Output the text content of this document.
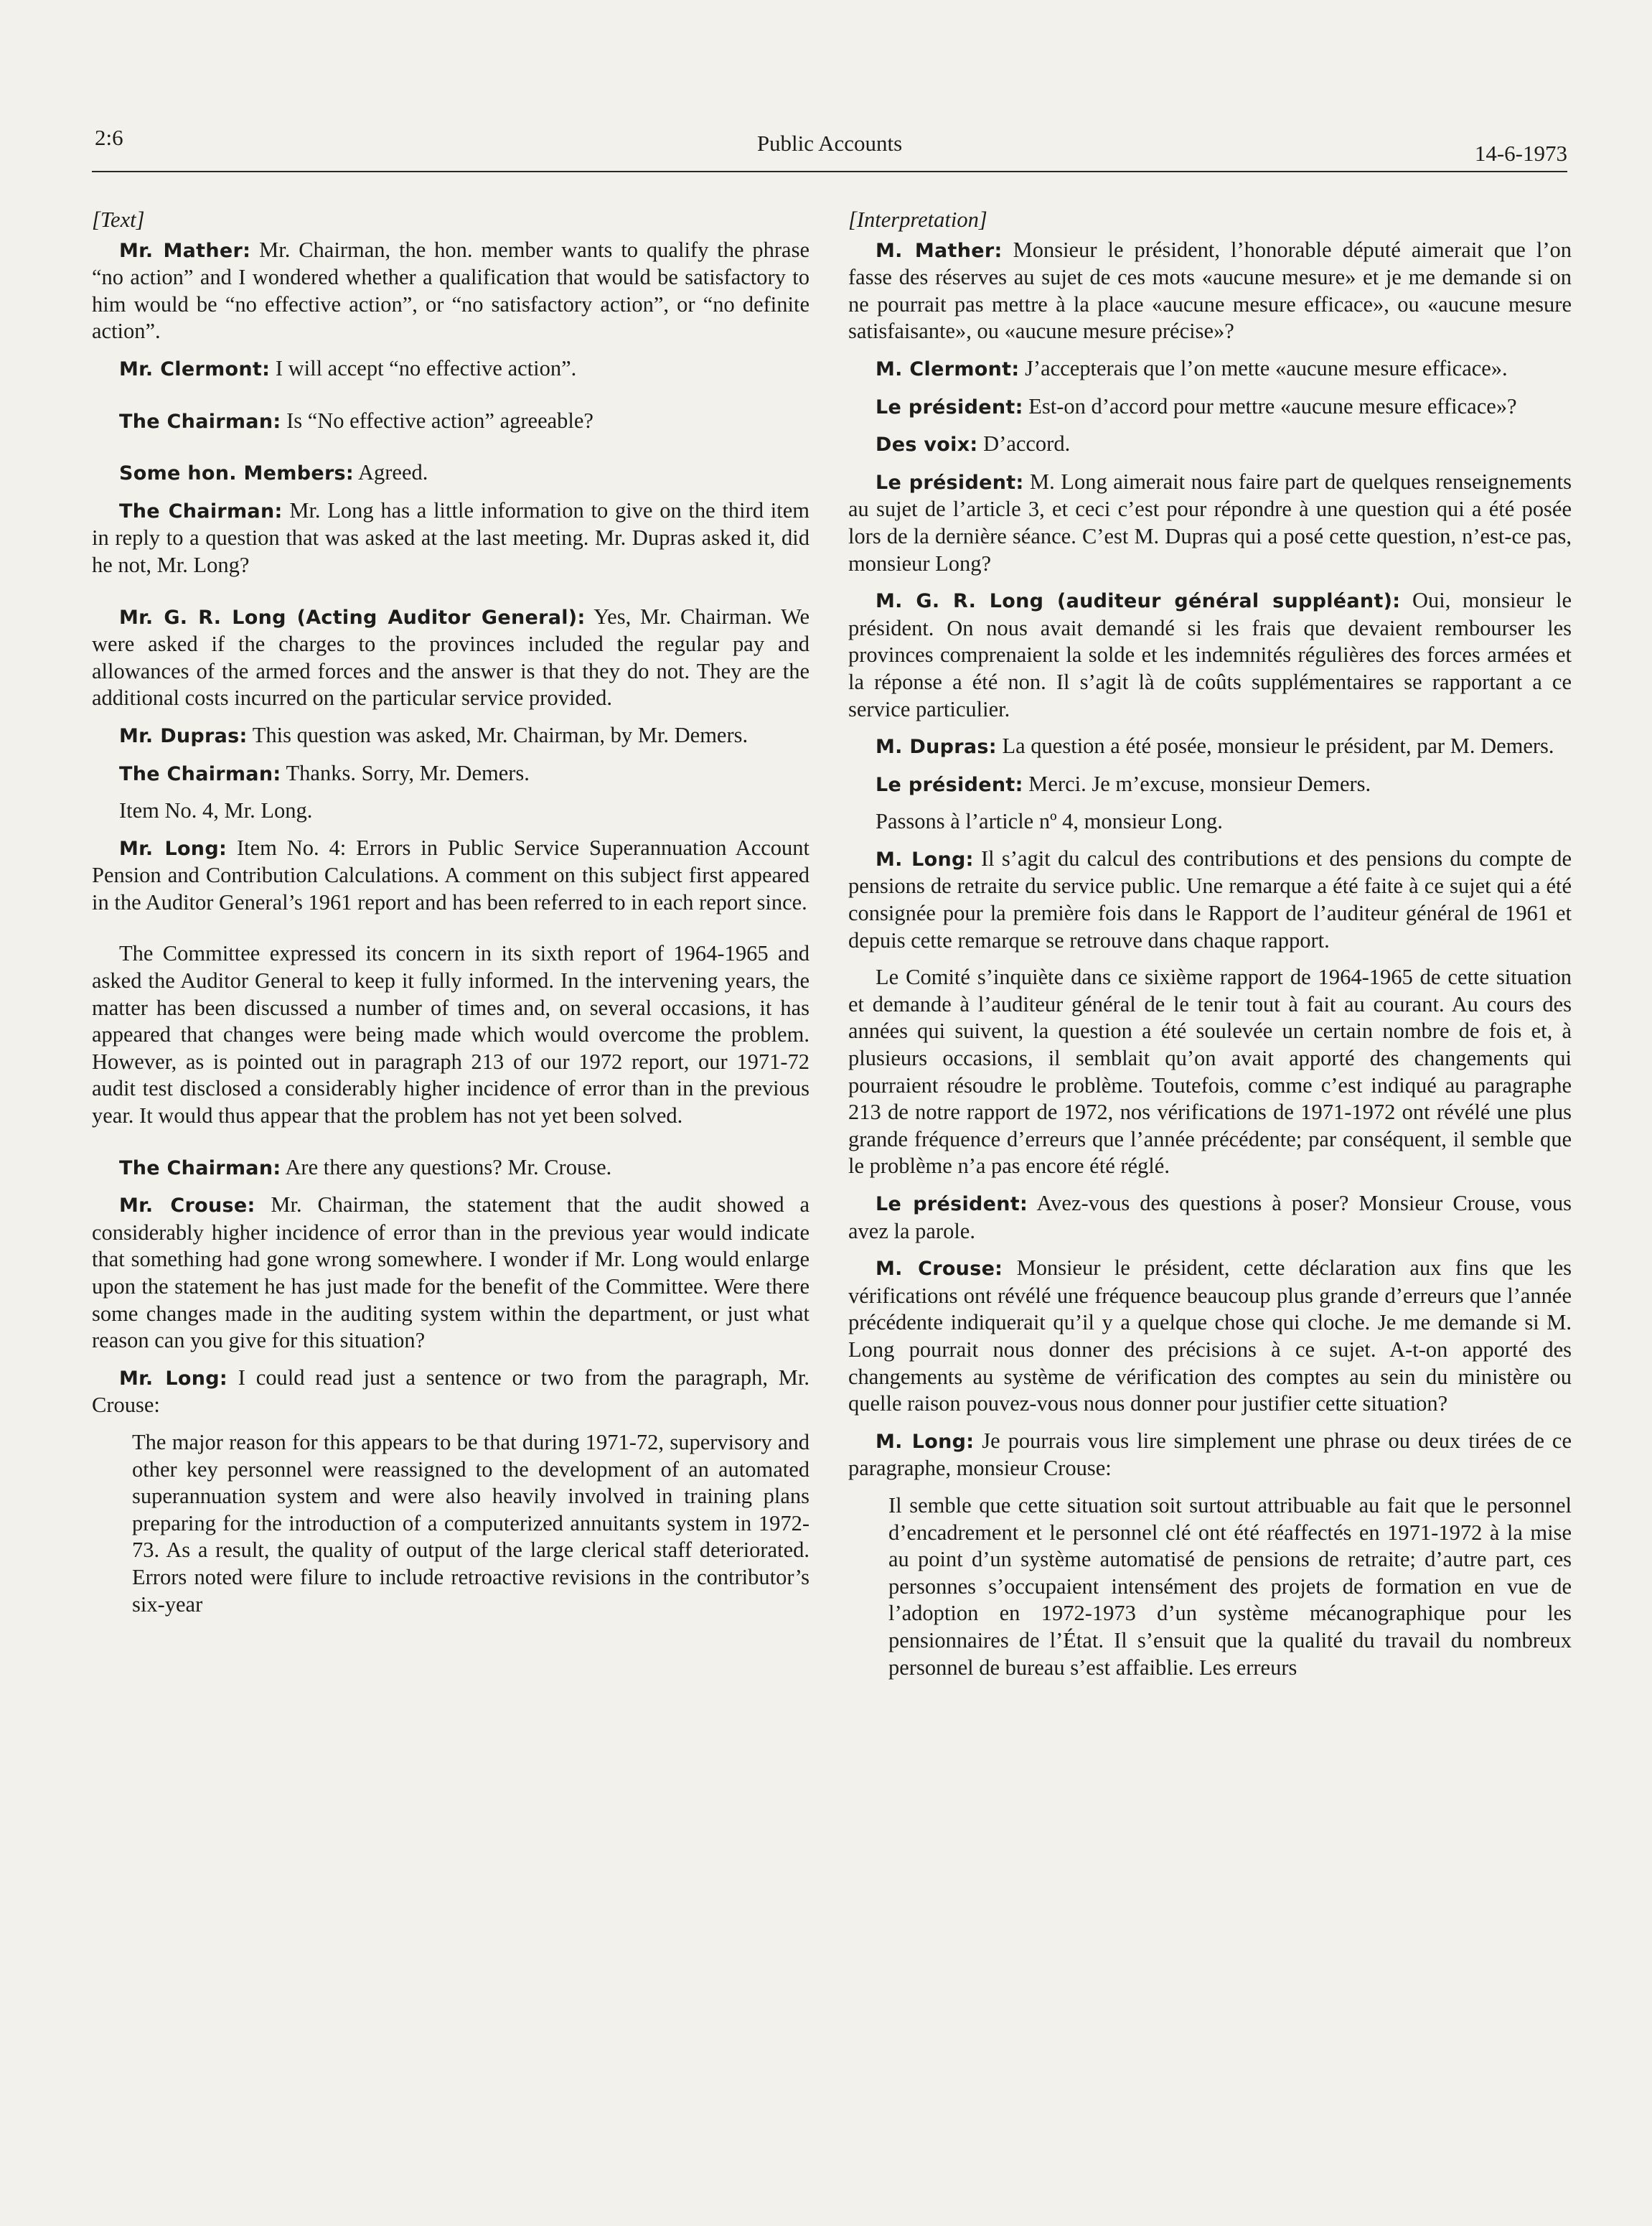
2:6	Public Accounts	14-6-1973

[Text]

Mr. Mather: Mr. Chairman, the hon. member wants to qualify the phrase “no action” and I wondered whether a qualification that would be satisfactory to him would be “no effective action”, or “no satisfactory action”, or “no definite action”.

Mr. Clermont: I will accept “no effective action”.

The Chairman: Is “No effective action” agreeable?

Some hon. Members: Agreed.

The Chairman: Mr. Long has a little information to give on the third item in reply to a question that was asked at the last meeting. Mr. Dupras asked it, did he not, Mr. Long?

Mr. G. R. Long (Acting Auditor General): Yes, Mr. Chairman. We were asked if the charges to the provinces included the regular pay and allowances of the armed forces and the answer is that they do not. They are the additional costs incurred on the particular service provided.

Mr. Dupras: This question was asked, Mr. Chairman, by Mr. Demers.

The Chairman: Thanks. Sorry, Mr. Demers.

Item No. 4, Mr. Long.

Mr. Long: Item No. 4: Errors in Public Service Superannuation Account Pension and Contribution Calculations. A comment on this subject first appeared in the Auditor General’s 1961 report and has been referred to in each report since.

The Committee expressed its concern in its sixth report of 1964-1965 and asked the Auditor General to keep it fully informed. In the intervening years, the matter has been discussed a number of times and, on several occasions, it has appeared that changes were being made which would overcome the problem. However, as is pointed out in paragraph 213 of our 1972 report, our 1971-72 audit test disclosed a considerably higher incidence of error than in the previous year. It would thus appear that the problem has not yet been solved.

The Chairman: Are there any questions? Mr. Crouse.

Mr. Crouse: Mr. Chairman, the statement that the audit showed a considerably higher incidence of error than in the previous year would indicate that something had gone wrong somewhere. I wonder if Mr. Long would enlarge upon the statement he has just made for the benefit of the Committee. Were there some changes made in the auditing system within the department, or just what reason can you give for this situation?

Mr. Long: I could read just a sentence or two from the paragraph, Mr. Crouse:

The major reason for this appears to be that during 1971-72, supervisory and other key personnel were reassigned to the development of an automated superannuation system and were also heavily involved in training plans preparing for the introduction of a computerized annuitants system in 1972-73. As a result, the quality of output of the large clerical staff deteriorated. Errors noted were filure to include retroactive revisions in the contributor’s six-year

[Interpretation]

M. Mather: Monsieur le président, l’honorable député aimerait que l’on fasse des réserves au sujet de ces mots «aucune mesure» et je me demande si on ne pourrait pas mettre à la place «aucune mesure efficace», ou «aucune mesure satisfaisante», ou «aucune mesure précise»?

M. Clermont: J’accepterais que l’on mette «aucune mesure efficace».

Le président: Est-on d’accord pour mettre «aucune mesure efficace»?

Des voix: D’accord.

Le président: M. Long aimerait nous faire part de quelques renseignements au sujet de l’article 3, et ceci c’est pour répondre à une question qui a été posée lors de la dernière séance. C’est M. Dupras qui a posé cette question, n’est-ce pas, monsieur Long?

M. G. R. Long (auditeur général suppléant): Oui, monsieur le président. On nous avait demandé si les frais que devaient rembourser les provinces comprenaient la solde et les indemnités régulières des forces armées et la réponse a été non. Il s’agit là de coûts supplémentaires se rapportant a ce service particulier.

M. Dupras: La question a été posée, monsieur le président, par M. Demers.

Le président: Merci. Je m’excuse, monsieur Demers.

Passons à l’article nº 4, monsieur Long.

M. Long: Il s’agit du calcul des contributions et des pensions du compte de pensions de retraite du service public. Une remarque a été faite à ce sujet qui a été consignée pour la première fois dans le Rapport de l’auditeur général de 1961 et depuis cette remarque se retrouve dans chaque rapport.

Le Comité s’inquiète dans ce sixième rapport de 1964-1965 de cette situation et demande à l’auditeur général de le tenir tout à fait au courant. Au cours des années qui suivent, la question a été soulevée un certain nombre de fois et, à plusieurs occasions, il semblait qu’on avait apporté des changements qui pourraient résoudre le problème. Toutefois, comme c’est indiqué au paragraphe 213 de notre rapport de 1972, nos vérifications de 1971-1972 ont révélé une plus grande fréquence d’erreurs que l’année précédente; par conséquent, il semble que le problème n’a pas encore été réglé.

Le président: Avez-vous des questions à poser? Monsieur Crouse, vous avez la parole.

M. Crouse: Monsieur le président, cette déclaration aux fins que les vérifications ont révélé une fréquence beaucoup plus grande d’erreurs que l’année précédente indiquerait qu’il y a quelque chose qui cloche. Je me demande si M. Long pourrait nous donner des précisions à ce sujet. A-t-on apporté des changements au système de vérification des comptes au sein du ministère ou quelle raison pouvez-vous nous donner pour justifier cette situation?

M. Long: Je pourrais vous lire simplement une phrase ou deux tirées de ce paragraphe, monsieur Crouse:

Il semble que cette situation soit surtout attribuable au fait que le personnel d’encadrement et le personnel clé ont été réaffectés en 1971-1972 à la mise au point d’un système automatisé de pensions de retraite; d’autre part, ces personnes s’occupaient intensément des projets de formation en vue de l’adoption en 1972-1973 d’un système mécanographique pour les pensionnaires de l’État. Il s’ensuit que la qualité du travail du nombreux personnel de bureau s’est affaiblie. Les erreurs
